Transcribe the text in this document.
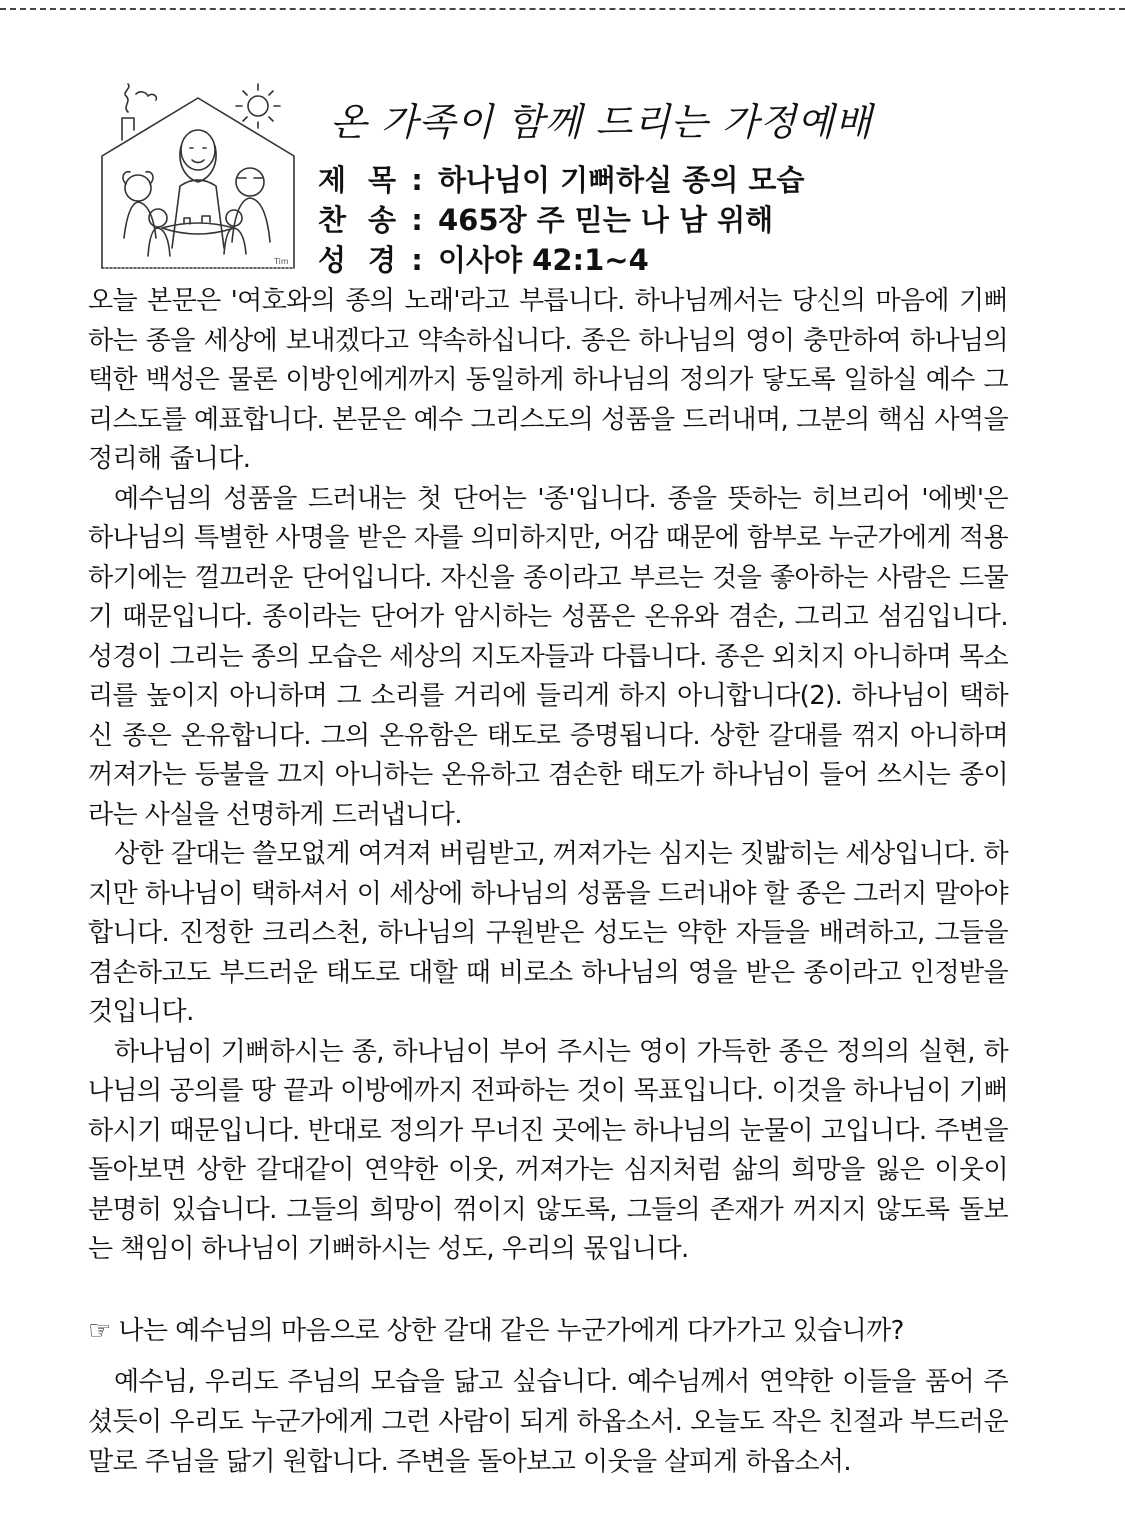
Tim
온 가족이 함께 드리는 가정예배
제 목 : 하나님이 기뻐하실 종의 모습
찬 송 : 465장 주 믿는 나 남 위해
성 경 : 이사야 42:1~4

오늘 본문은 '여호와의 종의 노래'라고 부릅니다. 하나님께서는 당신의 마음에 기뻐하는 종을 세상에 보내겠다고 약속하십니다. 종은 하나님의 영이 충만하여 하나님의 택한 백성은 물론 이방인에게까지 동일하게 하나님의 정의가 닿도록 일하실 예수 그리스도를 예표합니다. 본문은 예수 그리스도의 성품을 드러내며, 그분의 핵심 사역을 정리해 줍니다.

예수님의 성품을 드러내는 첫 단어는 '종'입니다. 종을 뜻하는 히브리어 '에벳'은 하나님의 특별한 사명을 받은 자를 의미하지만, 어감 때문에 함부로 누군가에게 적용하기에는 껄끄러운 단어입니다. 자신을 종이라고 부르는 것을 좋아하는 사람은 드물기 때문입니다. 종이라는 단어가 암시하는 성품은 온유와 겸손, 그리고 섬김입니다. 성경이 그리는 종의 모습은 세상의 지도자들과 다릅니다. 종은 외치지 아니하며 목소리를 높이지 아니하며 그 소리를 거리에 들리게 하지 아니합니다(2). 하나님이 택하신 종은 온유합니다. 그의 온유함은 태도로 증명됩니다. 상한 갈대를 꺾지 아니하며 꺼져가는 등불을 끄지 아니하는 온유하고 겸손한 태도가 하나님이 들어 쓰시는 종이라는 사실을 선명하게 드러냅니다.

상한 갈대는 쓸모없게 여겨져 버림받고, 꺼져가는 심지는 짓밟히는 세상입니다. 하지만 하나님이 택하셔서 이 세상에 하나님의 성품을 드러내야 할 종은 그러지 말아야 합니다. 진정한 크리스천, 하나님의 구원받은 성도는 약한 자들을 배려하고, 그들을 겸손하고도 부드러운 태도로 대할 때 비로소 하나님의 영을 받은 종이라고 인정받을 것입니다.

하나님이 기뻐하시는 종, 하나님이 부어 주시는 영이 가득한 종은 정의의 실현, 하나님의 공의를 땅 끝과 이방에까지 전파하는 것이 목표입니다. 이것을 하나님이 기뻐하시기 때문입니다. 반대로 정의가 무너진 곳에는 하나님의 눈물이 고입니다. 주변을 돌아보면 상한 갈대같이 연약한 이웃, 꺼져가는 심지처럼 삶의 희망을 잃은 이웃이 분명히 있습니다. 그들의 희망이 꺾이지 않도록, 그들의 존재가 꺼지지 않도록 돌보는 책임이 하나님이 기뻐하시는 성도, 우리의 몫입니다.

☞ 나는 예수님의 마음으로 상한 갈대 같은 누군가에게 다가가고 있습니까?
예수님, 우리도 주님의 모습을 닮고 싶습니다. 예수님께서 연약한 이들을 품어 주셨듯이 우리도 누군가에게 그런 사람이 되게 하옵소서. 오늘도 작은 친절과 부드러운 말로 주님을 닮기 원합니다. 주변을 돌아보고 이웃을 살피게 하옵소서.
